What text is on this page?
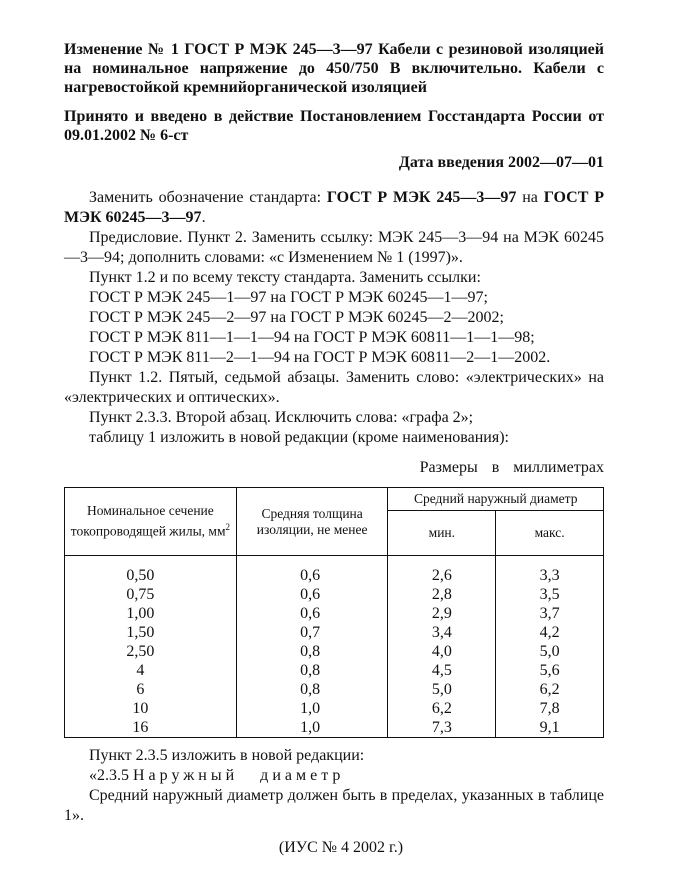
Изменение № 1 ГОСТ Р МЭК 245—3—97 Кабели с резиновой изоляцией на номинальное напряжение до 450/750 В включительно. Кабели с нагревостойкой кремнийорганической изоляцией

Принято и введено в действие Постановлением Госстандарта России от 09.01.2002 № 6-ст

Дата введения 2002—07—01

Заменить обозначение стандарта: ГОСТ Р МЭК 245—3—97 на ГОСТ Р МЭК 60245—3—97.

Предисловие. Пункт 2. Заменить ссылку: МЭК 245—3—94 на МЭК 60245—3—94; дополнить словами: «с Изменением № 1 (1997)».

Пункт 1.2 и по всему тексту стандарта. Заменить ссылки:

ГОСТ Р МЭК 245—1—97 на ГОСТ Р МЭК 60245—1—97;

ГОСТ Р МЭК 245—2—97 на ГОСТ Р МЭК 60245—2—2002;

ГОСТ Р МЭК 811—1—1—94 на ГОСТ Р МЭК 60811—1—1—98;

ГОСТ Р МЭК 811—2—1—94 на ГОСТ Р МЭК 60811—2—1—2002.

Пункт 1.2. Пятый, седьмой абзацы. Заменить слово: «электрических» на «электрических и оптических».

Пункт 2.3.3. Второй абзац. Исключить слова: «графа 2»;

таблицу 1 изложить в новой редакции (кроме наименования):

Размеры в миллиметрах
Номинальное сечение токопроводящей жилы, $мм^2$	Средняя толщина изоляции, не менее	Средний наружный диаметр	
		мин.	макс.
0,50	0,6	2,6	3,3
0,75	0,6	2,8	3,5
1,00	0,6	2,9	3,7
1,50	0,7	3,4	4,2
2,50	0,8	4,0	5,0
4	0,8	4,5	5,6
6	0,8	5,0	6,2
10	1,0	6,2	7,8
16	1,0	7,3	9,1

Пункт 2.3.5 изложить в новой редакции:

«2.3.5 Наружный диаметр

Средний наружный диаметр должен быть в пределах, указанных в таблице 1».

(ИУС № 4 2002 г.)
